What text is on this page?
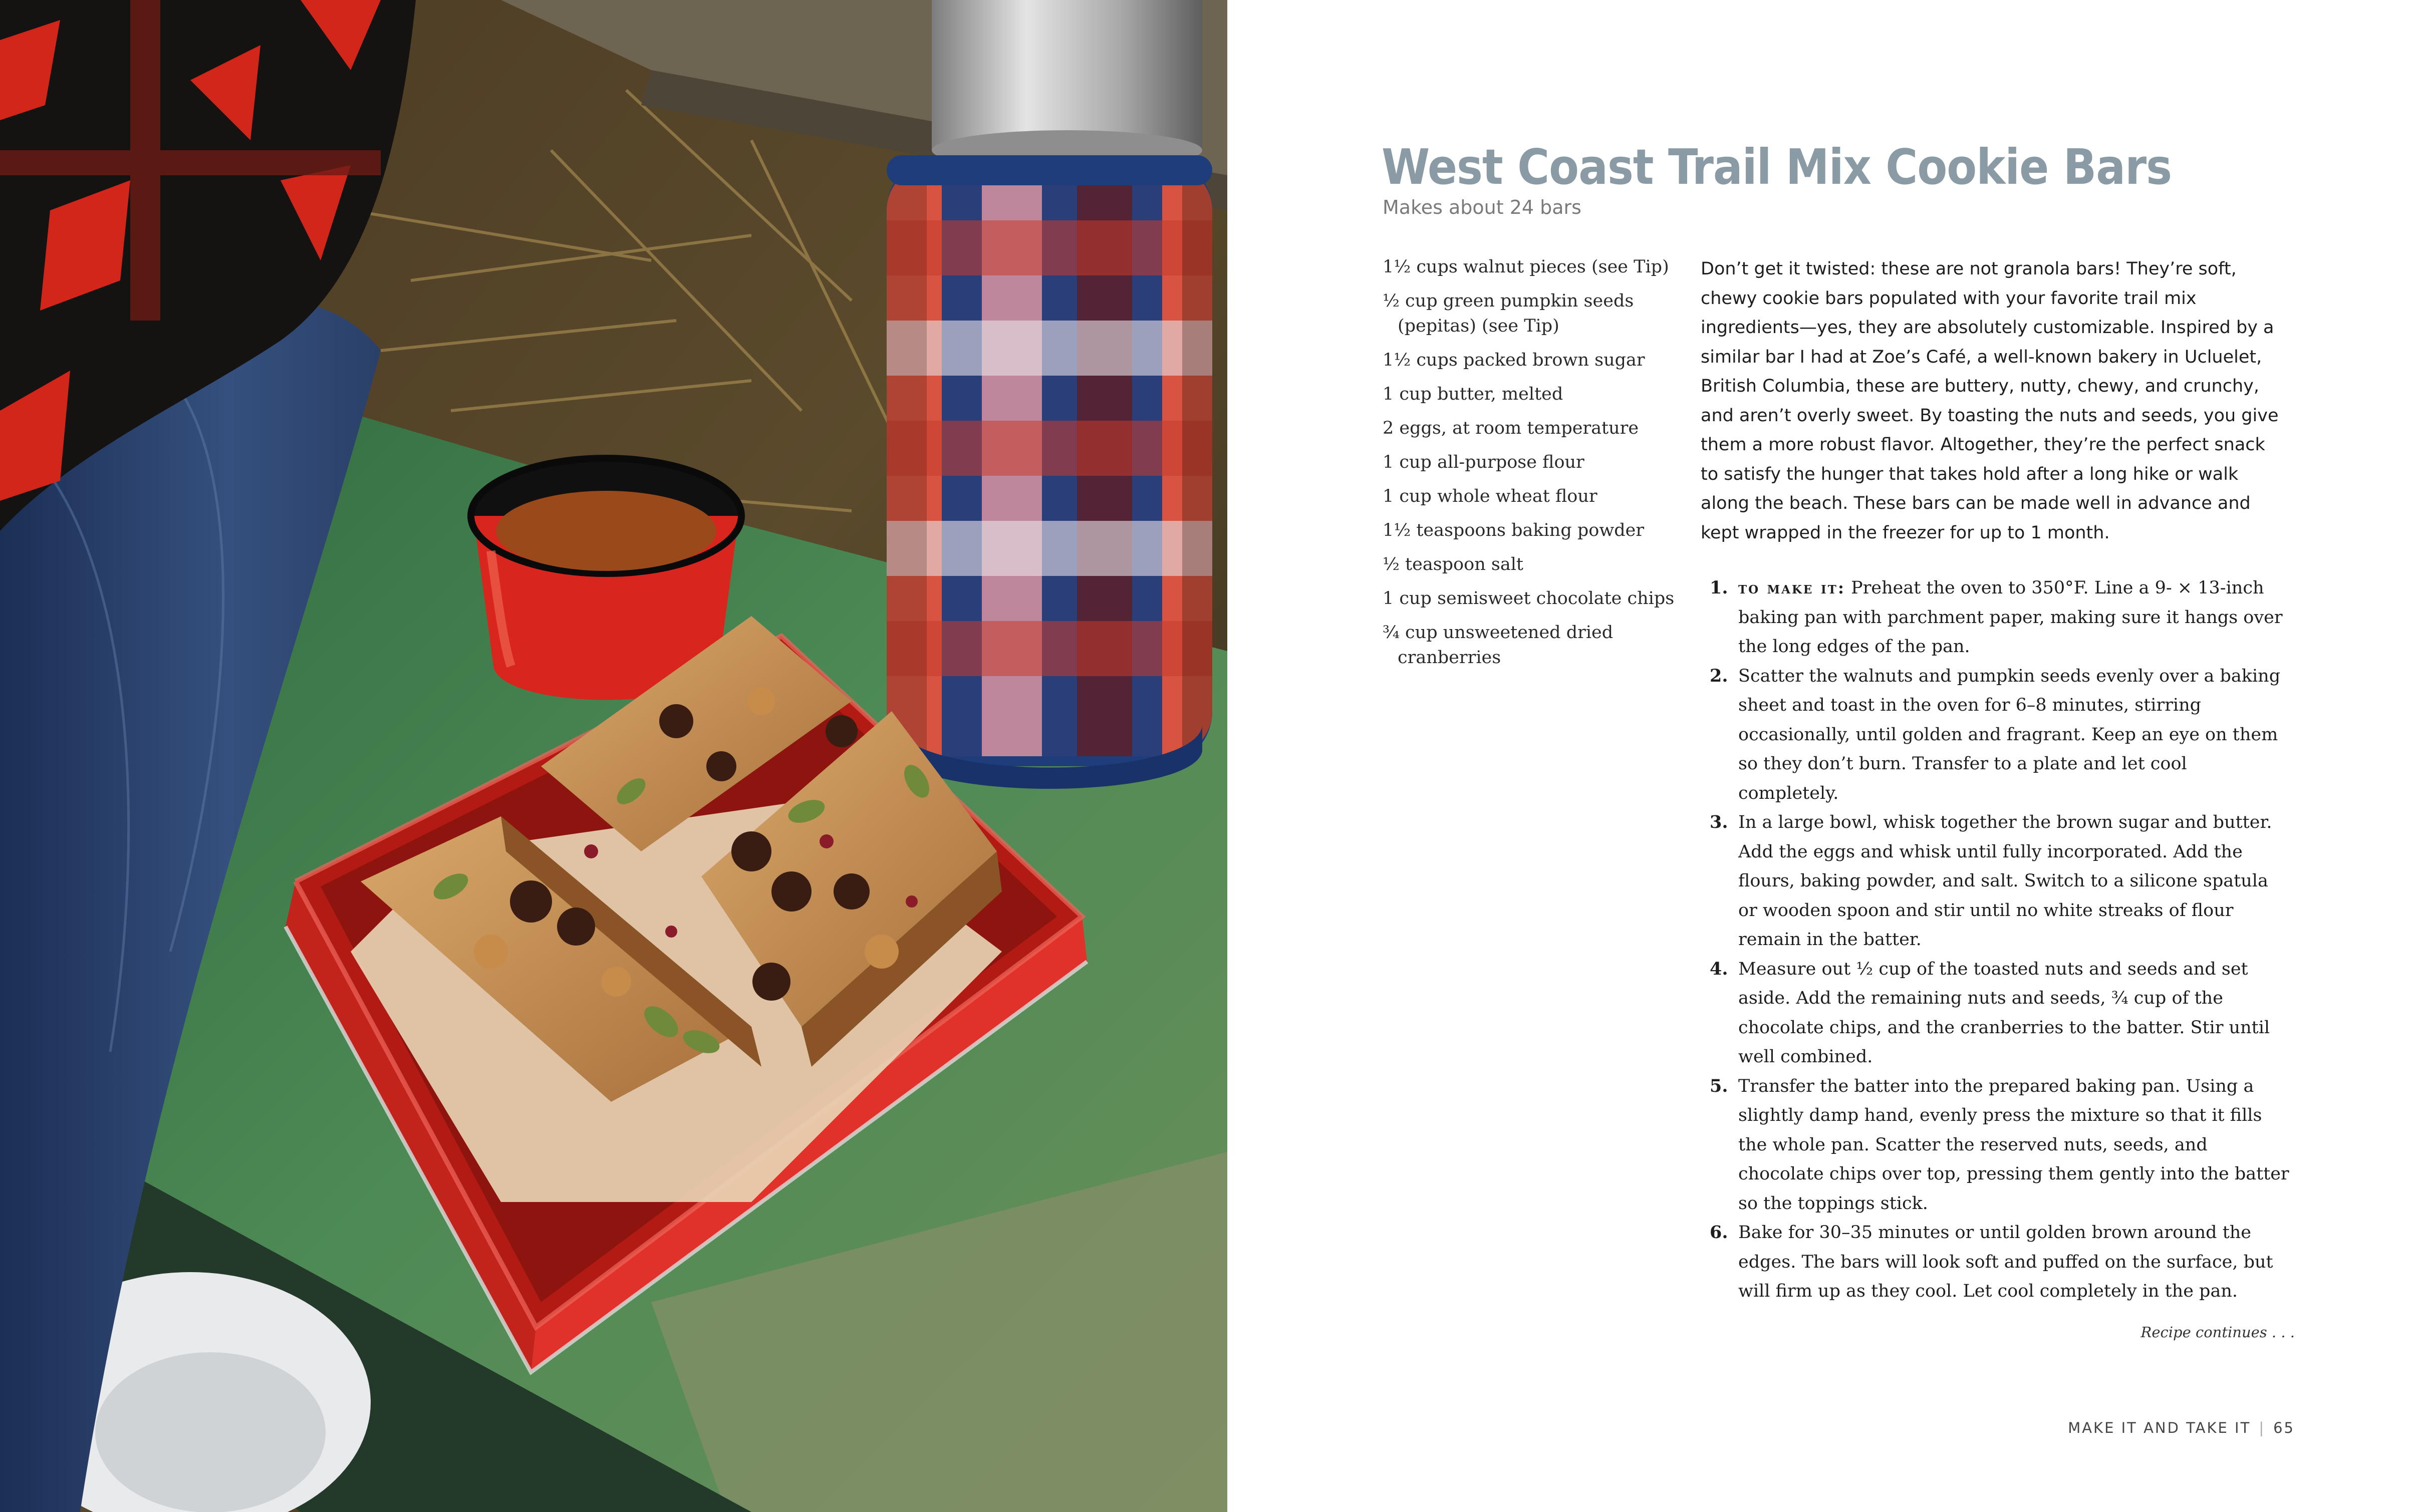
West Coast Trail Mix Cookie Bars
Makes about 24 bars
1½ cups walnut pieces (see Tip)
½ cup green pumpkin seeds (pepitas) (see Tip)
1½ cups packed brown sugar
1 cup butter, melted
2 eggs, at room temperature
1 cup all-purpose flour
1 cup whole wheat flour
1½ teaspoons baking powder
½ teaspoon salt
1 cup semisweet chocolate chips
¾ cup unsweetened dried cranberries

Don’t get it twisted: these are not granola bars! They’re soft, chewy cookie bars populated with your favorite trail mix ingredients—yes, they are absolutely customizable. Inspired by a similar bar I had at Zoe’s Café, a well-known bakery in Ucluelet, British Columbia, these are buttery, nutty, chewy, and crunchy, and aren’t overly sweet. By toasting the nuts and seeds, you give them a more robust flavor. Altogether, they’re the perfect snack to satisfy the hunger that takes hold after a long hike or walk along the beach. These bars can be made well in advance and kept wrapped in the freezer for up to 1 month.

1. to make it: Preheat the oven to 350°F. Line a 9- × 13-inch baking pan with parchment paper, making sure it hangs over the long edges of the pan.
2. Scatter the walnuts and pumpkin seeds evenly over a baking sheet and toast in the oven for 6–8 minutes, stirring occasionally, until golden and fragrant. Keep an eye on them so they don’t burn. Transfer to a plate and let cool completely.
3. In a large bowl, whisk together the brown sugar and butter. Add the eggs and whisk until fully incorporated. Add the flours, baking powder, and salt. Switch to a silicone spatula or wooden spoon and stir until no white streaks of flour remain in the batter.
4. Measure out ½ cup of the toasted nuts and seeds and set aside. Add the remaining nuts and seeds, ¾ cup of the chocolate chips, and the cranberries to the batter. Stir until well combined.
5. Transfer the batter into the prepared baking pan. Using a slightly damp hand, evenly press the mixture so that it fills the whole pan. Scatter the reserved nuts, seeds, and chocolate chips over top, pressing them gently into the batter so the toppings stick.
6. Bake for 30–35 minutes or until golden brown around the edges. The bars will look soft and puffed on the surface, but will firm up as they cool. Let cool completely in the pan.
Recipe continues . . .
MAKE IT AND TAKE IT | 65
